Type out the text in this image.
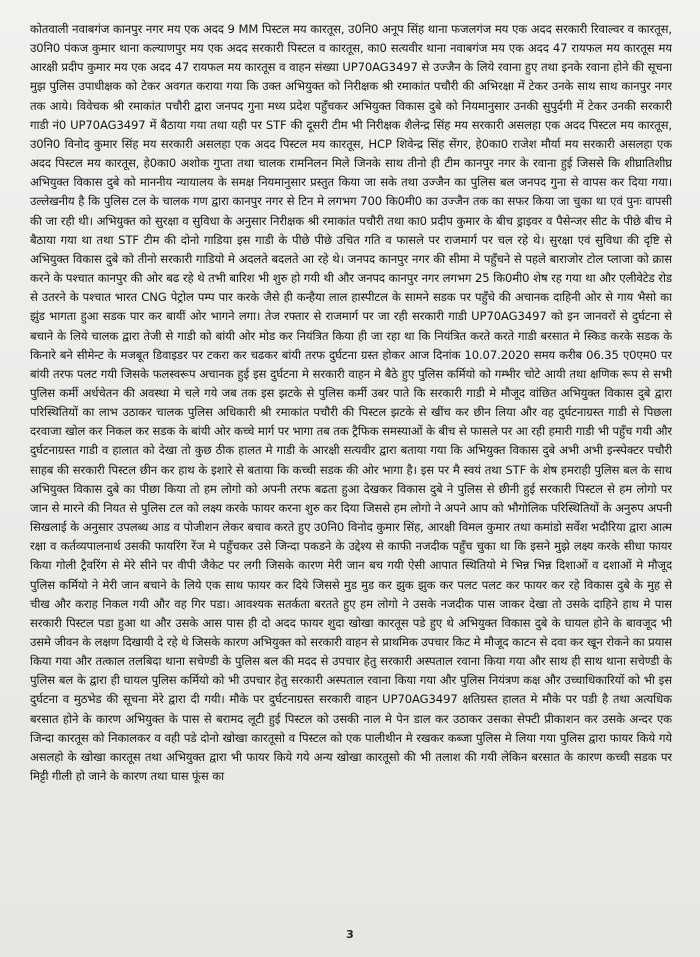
कोतवाली नवाबगंज कानपुर नगर मय एक अदद 9 MM पिस्टल मय कारतूस, उ0नि0 अनूप सिंह थाना फजलगंज मय एक अदद सरकारी रिवाल्वर व कारतूस, उ0नि0 पंकज कुमार थाना कल्याणपुर मय एक अदद सरकारी पिस्टल व कारतूस, का0 सत्यवीर थाना नवाबगंज मय एक अदद 47 रायफल मय कारतूस मय आरक्षी प्रदीप कुमार मय एक अदद 47 रायफल मय कारतूस व वाहन संख्या UP70AG3497 से उज्जैन के लिये रवाना हुए तथा इनके रवाना होने की सूचना मुझ पुलिस उपाधीक्षक को टेकर अवगत कराया गया कि उक्त अभियुक्त को निरीक्षक श्री रमाकांत पचौरी की अभिरक्षा में टेकर उनके साथ साथ कानपुर नगर तक आये। विवेचक श्री रमाकांत पचौरी द्वारा जनपद गुना मध्य प्रदेश पहुँचकर अभियुक्त विकास दुबे को नियमानुसार उनकी सुपुर्दगी में टेकर उनकी सरकारी गाडी नं0 UP70AG3497 में बैठाया गया तथा यही पर STF की दूसरी टीम भी निरीक्षक शैलेन्द्र सिंह मय सरकारी असलहा एक अदद पिस्टल मय कारतूस, उ0नि0 विनोद कुमार सिंह मय सरकारी असलहा एक अदद पिस्टल मय कारतूस, HCP शिवेन्द्र सिंह सेंगर, हे0का0 राजेश मौर्या मय सरकारी असलहा एक अदद पिस्टल मय कारतूस, हे0का0 अशोक गुप्ता तथा चालक रामनिलन मिले जिनके साथ तीनो ही टीम कानपुर नगर के रवाना हुई जिससे कि शीघ्रातिशीघ्र अभियुक्त विकास दुबे को माननीय न्यायालय के समक्ष नियमानुसार प्रस्तुत किया जा सके तथा उज्जैन का पुलिस बल जनपद गुना से वापस कर दिया गया। उल्लेखनीय है कि पुलिस टल के चालक गण द्वारा कानपुर नगर से टिन मे लगभग 700 कि0मी0 का उज्जैन तक का सफर किया जा चुका था एवं पुनः वापसी की जा रही थी। अभियुक्त को सुरक्षा व सुविधा के अनुसार निरीक्षक श्री रमाकांत पचौरी तथा का0 प्रदीप कुमार के बीच ड्राइवर व पैसेन्जर सीट के पीछे बीच मे बैठाया गया था तथा STF टीम की दोनो गाडिया इस गाडी के पीछे पीछे उचित गति व फासले पर राजमार्ग पर चल रहे थे। सुरक्षा एवं सुविधा की दृष्टि से अभियुक्त विकास दुबे को तीनो सरकारी गाडियो मे अदलते बदलते आ रहे थे। जनपद कानपुर नगर की सीमा मे पहुँचने से पहले बाराजोर टोल प्लाजा को क्रास करने के पश्चात कानपुर की ओर बढ रहे थे तभी बारिश भी शुरु हो गयी थी और जनपद कानपुर नगर लगभग 25 कि0मी0 शेष रह गया था और एलीवेटेड रोड से उतरने के पश्चात भारत CNG पेट्रोल पम्प पार करके जैसे ही कन्हैया लाल हास्पीटल के सामने सडक पर पहुँचे की अचानक दाहिनी ओर से गाय भैसो का झुंड भागता हुआ सडक पार कर बायीं ओर भागने लगा। तेज रफ्तार से राजमार्ग पर जा रही सरकारी गाडी UP70AG3497 को इन जानवरों से दुर्घटना से बचाने के लिये चालक द्वारा तेजी से गाडी को बांयी ओर मोड कर नियंत्रित किया ही जा रहा था कि नियंत्रित करते करते गाडी बरसात मे स्किड करके सडक के किनारे बने सीमेन्ट के मजबूत डिवाइडर पर टकरा कर चढकर बांयी तरफ दुर्घटना ग्रस्त होकर आज दिनांक 10.07.2020 समय करीब 06.35 ए0एम0 पर बांयी तरफ पलट गयी जिसके फलस्वरूप अचानक हुई इस दुर्घटना मे सरकारी वाहन मे बैठे हुए पुलिस कर्मियो को गम्भीर चोटे आयी तथा क्षणिक रूप से सभी पुलिस कर्मी अर्धचेतन की अवस्था मे चले गये जब तक इस झटके से पुलिस कर्मी उबर पाते कि सरकारी गाडी मे मौजूद वांछित अभियुक्त विकास दुबे द्वारा परिस्थितियों का लाभ उठाकर चालक पुलिस अधिकारी श्री रमाकांत पचौरी की पिस्टल झटके से खींच कर छीन लिया और वह दुर्घटनाग्रस्त गाडी से पिछला दरवाजा खोल कर निकल कर सडक के बांयी ओर कच्चे मार्ग पर भागा तब तक ट्रैफिक समस्याओं के बीच से फासले पर आ रही हमारी गाडी भी पहुँच गयी और दुर्घटनाग्रस्त गाडी व हालात को देखा तो कुछ ठीक हालत मे गाडी के आरक्षी सत्यवीर द्वारा बताया गया कि अभियुक्त विकास दुबे अभी अभी इन्स्पेक्टर पचौरी साहब की सरकारी पिस्टल छीन कर हाथ के इशारे से बताया कि कच्ची सडक की ओर भागा है। इस पर मै स्वयं तथा STF के शेष हमराही पुलिस बल के साथ अभियुक्त विकास दुबे का पीछा किया तो हम लोगो को अपनी तरफ बढता हुआ देखकर विकास दुबे ने पुलिस से छीनी हुई सरकारी पिस्टल से हम लोगो पर जान से मारने की नियत से पुलिस टल को लक्ष्य करके फायर करना शुरु कर दिया जिससे हम लोगो ने अपने आप को भौगोलिक परिस्थितियों के अनुरुप अपनी सिखलाई के अनुसार उपलब्ध आड व पोजीशन लेकर बचाव करते हुए उ0नि0 विनोद कुमार सिंह, आरक्षी विमल कुमार तथा कमांडो सर्वेश भदौरिया द्वारा आत्म रक्षा व कर्तव्यपालनार्थ उसकी फायरिंग रेंज मे पहुँचकर उसे जिन्दा पकडने के उद्देश्य से काफी नजदीक पहुँच चुका था कि इसने मुझे लक्ष्य करके सीधा फायर किया गोली ट्रैवरिंग से मेरे सीने पर वीपी जैकेट पर लगी जिसके कारण मेरी जान बच गयी ऐसी आपात स्थितियो मे भिन्न भिन्न दिशाओं व दशाओं मे मौजूद पुलिस कर्मियो ने मेरी जान बचाने के लिये एक साथ फायर कर दिये जिससे मुड मुड कर झुक झुक कर पलट पलट कर फायर कर रहे विकास दुबे के मुह से चीख और कराह निकल गयी और वह गिर पडा। आवश्यक सतर्कता बरतते हुए हम लोगो ने उसके नजदीक पास जाकर देखा तो उसके दाहिने हाथ मे पास सरकारी पिस्टल पडा हुआ था और उसके आस पास ही दो अदद फायर शुदा खोखा कारतूस पडे हुए थे अभियुक्त विकास दुबे के घायल होने के बावजूद भी उसमे जीवन के लक्षण दिखायी दे रहे थे जिसके कारण अभियुक्त को सरकारी वाहन से प्राथमिक उपचार किट मे मौजूद काटन से दवा कर खून रोकने का प्रयास किया गया और तत्काल तलबिदा थाना सचेण्डी के पुलिस बल की मदद से उपचार हेतु सरकारी अस्पताल रवाना किया गया और साथ ही साथ थाना सचेण्डी के पुलिस बल के द्वारा ही घायल पुलिस कर्मियो को भी उपचार हेतु सरकारी अस्पताल रवाना किया गया और पुलिस नियंत्रण कक्ष और उच्चाधिकारियों को भी इस दुर्घटना व मुठभेड की सूचना मेरे द्वारा दी गयी। मौके पर दुर्घटनाग्रस्त सरकारी वाहन UP70AG3497 क्षतिग्रस्त हालत मे मौके पर पडी है तथा अत्यधिक बरसात होने के कारण अभियुक्त के पास से बरामद लूटी हुई पिस्टल को उसकी नाल मे पेन डाल कर उठाकर उसका सेफ्टी प्रीकाशन कर उसके अन्दर एक जिन्दा कारतूस को निकालकर व वही पडे दोनो खोखा कारतूसो व पिस्टल को एक पालीथीन मे रखकर कब्जा पुलिस मे लिया गया पुलिस द्वारा फायर किये गये असलहो के खोखा कारतूस तथा अभियुक्त द्वारा भी फायर किये गये अन्य खोखा कारतूसो की भी तलाश की गयी लेकिन बरसात के कारण कच्ची सडक पर मिट्टी गीली हो जाने के कारण तथा घास फूंस का
3
